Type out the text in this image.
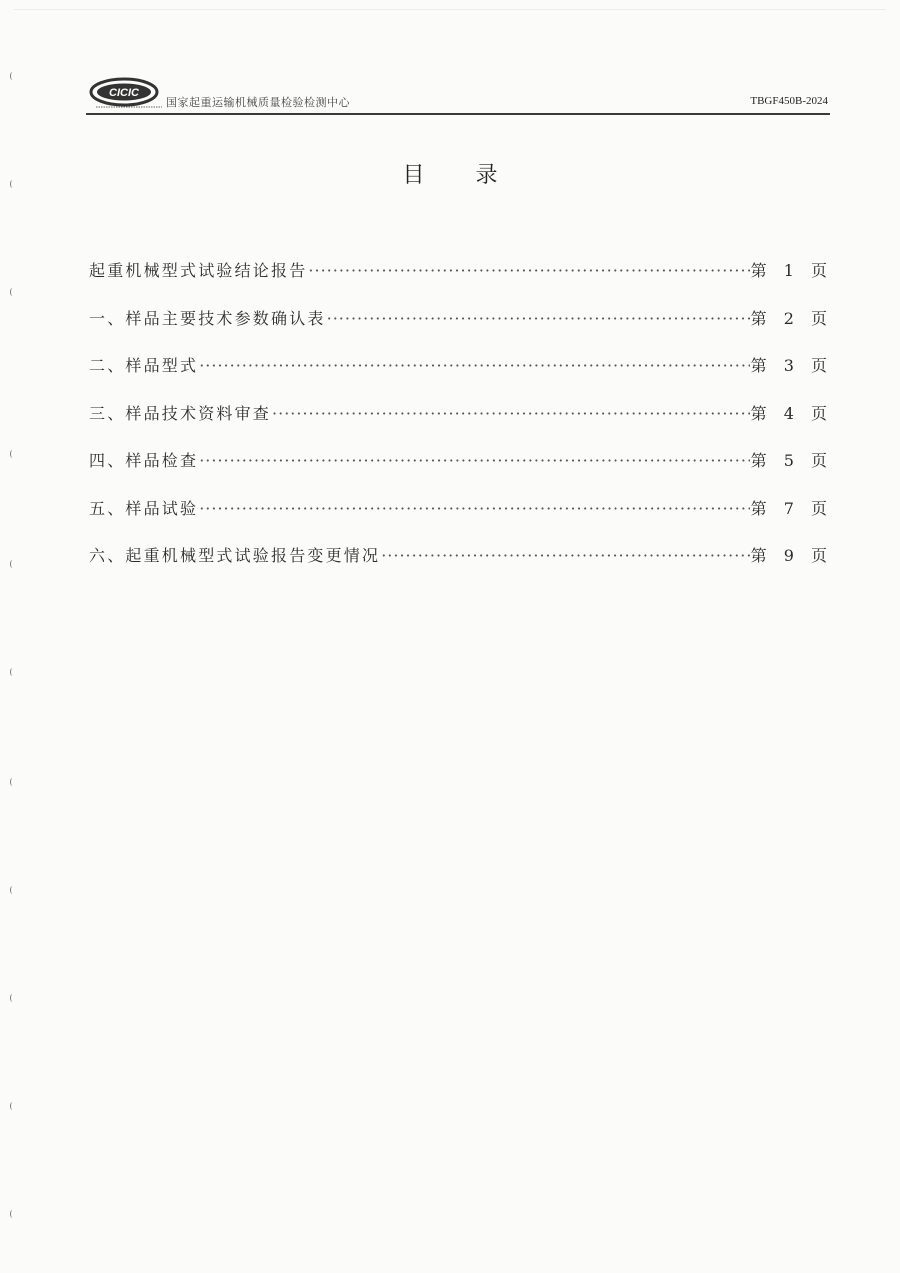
CICIC
国家起重运输机械质量检验检测中心	TBGF450B-2024
目 录
起重机械型式试验结论报告 ·····	第 1 页
一、样品主要技术参数确认表 ·····	第 2 页
二、样品型式 ·····	第 3 页
三、样品技术资料审查 ·····	第 4 页
四、样品检查 ·····	第 5 页
五、样品试验 ·····	第 7 页
六、起重机械型式试验报告变更情况 ·····	第 9 页
